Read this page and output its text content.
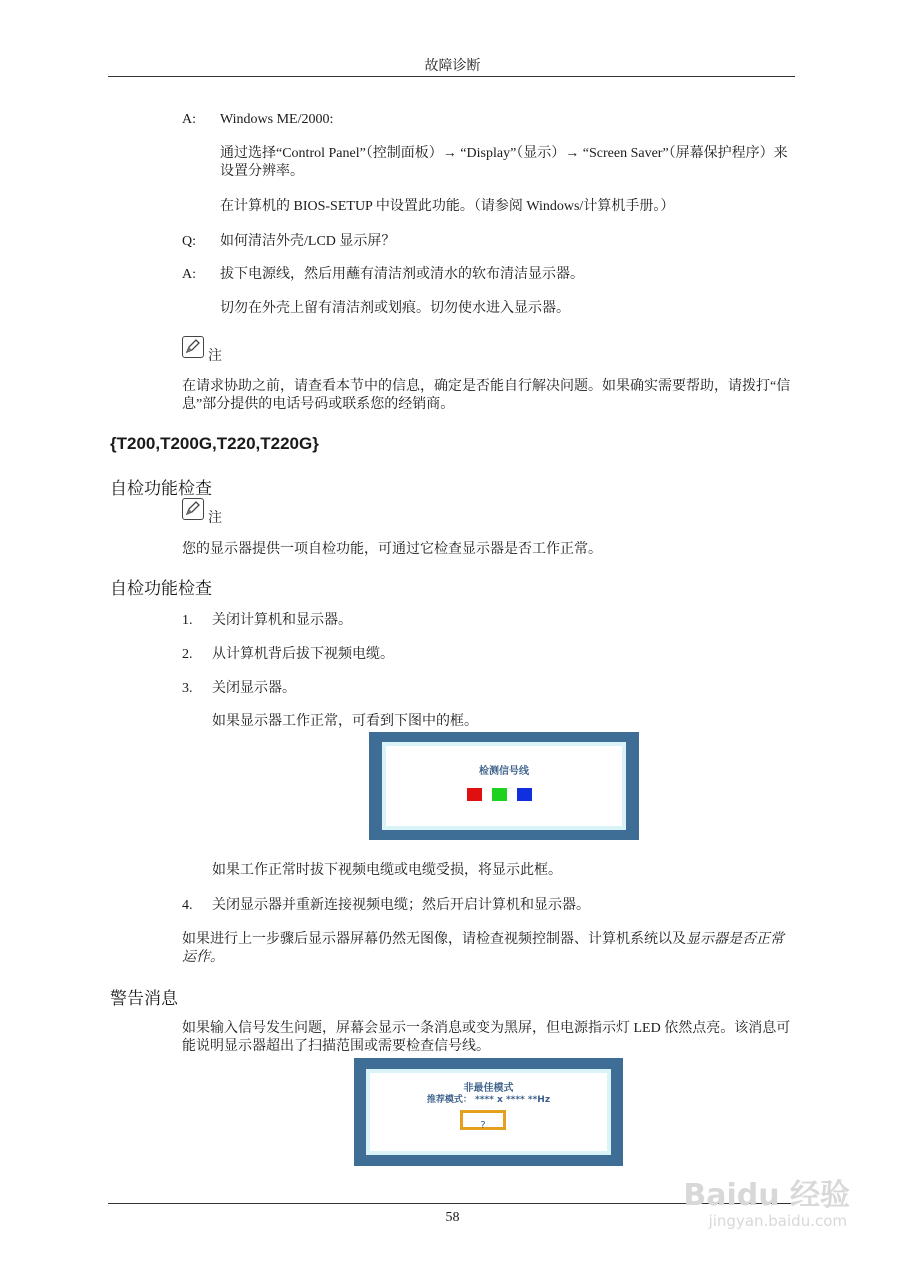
故障诊断
A:	Windows ME/2000:
通过选择“Control Panel”（控制面板）→ “Display”（显示）→ “Screen Saver”（屏幕保护程序）来设置分辨率。
在计算机的 BIOS-SETUP 中设置此功能。（请参阅 Windows/计算机手册。）
Q:	如何清洁外壳/LCD 显示屏？
A:	拔下电源线，然后用蘸有清洁剂或清水的软布清洁显示器。
切勿在外壳上留有清洁剂或划痕。切勿使水进入显示器。
注
在请求协助之前，请查看本节中的信息，确定是否能自行解决问题。如果确实需要帮助，请拨打“信息”部分提供的电话号码或联系您的经销商。
{T200,T200G,T220,T220G}
自检功能检查
注
您的显示器提供一项自检功能，可通过它检查显示器是否工作正常。
自检功能检查
1. 关闭计算机和显示器。
2. 从计算机背后拔下视频电缆。
3. 关闭显示器。
如果显示器工作正常，可看到下图中的框。
检测信号线
如果工作正常时拔下视频电缆或电缆受损，将显示此框。
4. 关闭显示器并重新连接视频电缆；然后开启计算机和显示器。
如果进行上一步骤后显示器屏幕仍然无图像，请检查视频控制器、计算机系统以及显示器是否正常运作。
警告消息
如果输入信号发生问题，屏幕会显示一条消息或变为黑屏，但电源指示灯 LED 依然点亮。该消息可能说明显示器超出了扫描范围或需要检查信号线。
非最佳模式
推荐模式： **** x **** **Hz
?
58
Baidu 经验
jingyan.baidu.com
